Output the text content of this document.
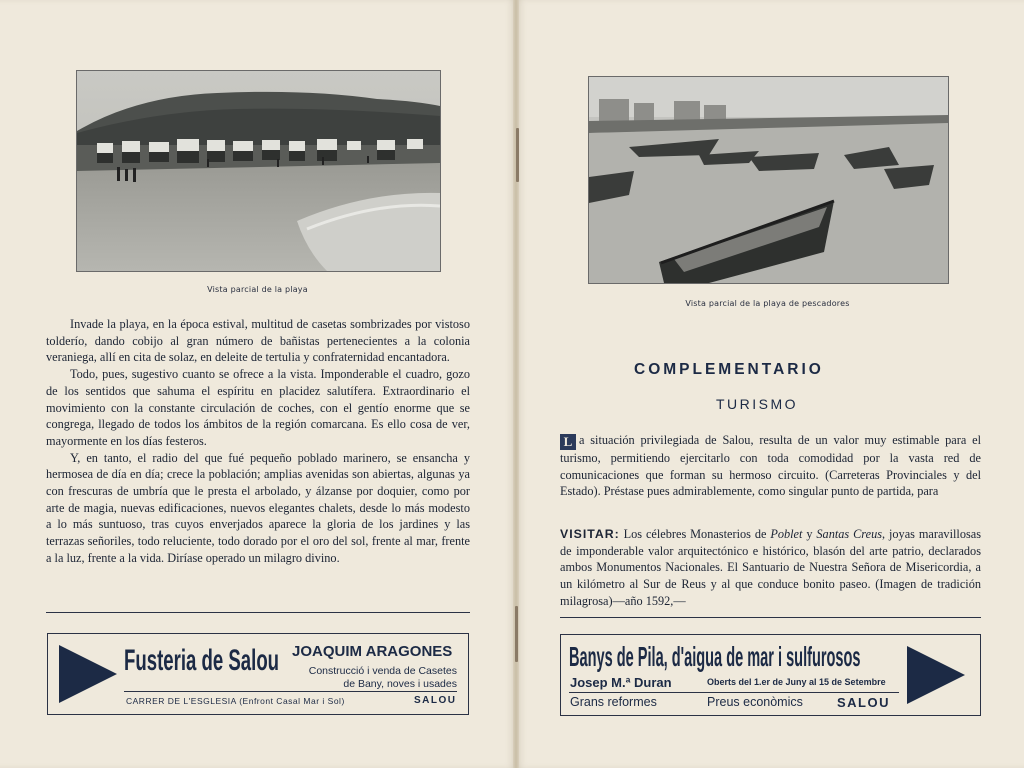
Vista parcial de la playa

Invade la playa, en la época estival, multitud de casetas sombrizades por vistoso tolderío, dando cobijo al gran número de bañistas pertenecientes a la colonia veraniega, allí en cita de solaz, en deleite de tertulia y confraternidad encantadora.

Todo, pues, sugestivo cuanto se ofrece a la vista. Imponderable el cuadro, gozo de los sentidos que sahuma el espíritu en placidez salutífera. Extraordinario el movimiento con la constante circulación de coches, con el gentío enorme que se congrega, llegado de todos los ámbitos de la región comarcana. Es ello cosa de ver, mayormente en los días festeros.

Y, en tanto, el radio del que fué pequeño poblado marinero, se ensancha y hermosea de día en día; crece la población; amplias avenidas son abiertas, algunas ya con frescuras de umbría que le presta el arbolado, y álzanse por doquier, como por arte de magia, nuevas edificaciones, nuevos elegantes chalets, desde lo más modesto a lo más suntuoso, tras cuyos enverjados aparece la gloria de los jardines y las terrazas señoriles, todo reluciente, todo dorado por el oro del sol, frente al mar, frente a la luz, frente a la vida. Diríase operado un milagro divino.

Fusteria de Salou JOAQUIM ARAGONES
Construcció i venda de Casetes
de Bany, noves i usades
CARRER DE L'ESGLESIA (Enfront Casal Mar i Sol)	SALOU
Vista parcial de la playa de pescadores
COMPLEMENTARIO
TURISMO

L a situación privilegiada de Salou, resulta de un valor muy estimable para el turismo, permitiendo ejercitarlo con toda comodidad por la vasta red de comunicaciones que forman su hermoso circuito. (Carreteras Provinciales y del Estado). Préstase pues admirablemente, como singular punto de partida, para

VISITAR: Los célebres Monasterios de Poblet y Santas Creus, joyas maravillosas de imponderable valor arquitectónico e histórico, blasón del arte patrio, declarados ambos Monumentos Nacionales. El Santuario de Nuestra Señora de Misericordia, a un kilómetro al Sur de Reus y al que conduce bonito paseo. (Imagen de tradición milagrosa)—año 1592,—

Banys de Pila, d'aigua de mar i sulfurosos
Josep M.ª Duran	Oberts del 1.er de Juny al 15 de Setembre
Grans reformes	Preus econòmics	SALOU
